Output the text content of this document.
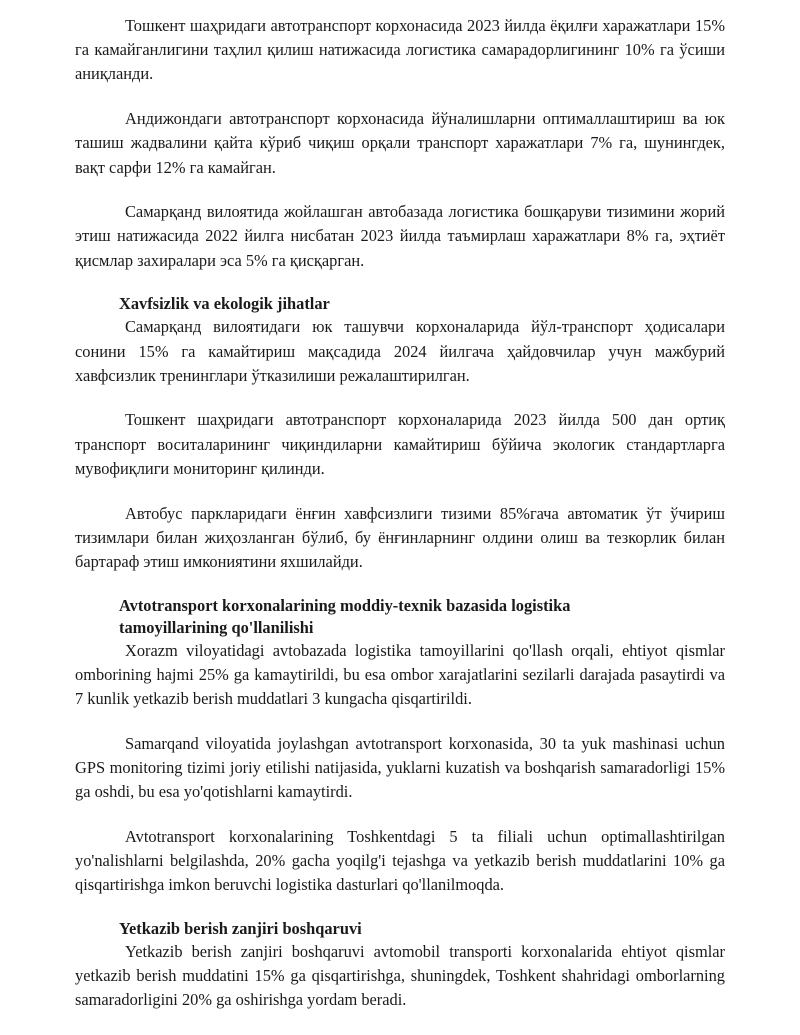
Тошкент шаҳридаги автотранспорт корхонасида 2023 йилда ёқилғи харажатлари 15% га камайганлигини таҳлил қилиш натижасида логистика самарадорлигининг 10% га ўсиши аниқланди.

Андижондаги автотранспорт корхонасида йўналишларни оптималлаштириш ва юк ташиш жадвалини қайта кўриб чиқиш орқали транспорт харажатлари 7% га, шунингдек, вақт сарфи 12% га камайган.

Самарқанд вилоятида жойлашган автобазада логистика бошқаруви тизимини жорий этиш натижасида 2022 йилга нисбатан 2023 йилда таъмирлаш харажатлари 8% га, эҳтиёт қисмлар захиралари эса 5% га қисқарган.

Xavfsizlik va ekologik jihatlar

Самарқанд вилоятидаги юк ташувчи корхоналарида йўл-транспорт ҳодисалари сонини 15% га камайтириш мақсадида 2024 йилгача ҳайдовчилар учун мажбурий хавфсизлик тренинглари ўтказилиши режалаштирилган.

Тошкент шаҳридаги автотранспорт корхоналарида 2023 йилда 500 дан ортиқ транспорт воситаларининг чиқиндиларни камайтириш бўйича экологик стандартларга мувофиқлиги мониторинг қилинди.

Автобус паркларидаги ёнғин хавфсизлиги тизими 85%гача автоматик ўт ўчириш тизимлари билан жиҳозланган бўлиб, бу ёнғинларнинг олдини олиш ва тезкорлик билан бартараф этиш имкониятини яхшилайди.

Avtotransport korxonalarining moddiy-texnik bazasida logistika tamoyillarining qo'llanilishi

Xorazm viloyatidagi avtobazada logistika tamoyillarini qo'llash orqali, ehtiyot qismlar omborining hajmi 25% ga kamaytirildi, bu esa ombor xarajatlarini sezilarli darajada pasaytirdi va 7 kunlik yetkazib berish muddatlari 3 kungacha qisqartirildi.

Samarqand viloyatida joylashgan avtotransport korxonasida, 30 ta yuk mashinasi uchun GPS monitoring tizimi joriy etilishi natijasida, yuklarni kuzatish va boshqarish samaradorligi 15% ga oshdi, bu esa yo'qotishlarni kamaytirdi.

Avtotransport korxonalarining Toshkentdagi 5 ta filiali uchun optimallashtirilgan yo'nalishlarni belgilashda, 20% gacha yoqilg'i tejashga va yetkazib berish muddatlarini 10% ga qisqartirishga imkon beruvchi logistika dasturlari qo'llanilmoqda.

Yetkazib berish zanjiri boshqaruvi

Yetkazib berish zanjiri boshqaruvi avtomobil transporti korxonalarida ehtiyot qismlar yetkazib berish muddatini 15% ga qisqartirishga, shuningdek, Toshkent shahridagi omborlarning samaradorligini 20% ga oshirishga yordam beradi.
